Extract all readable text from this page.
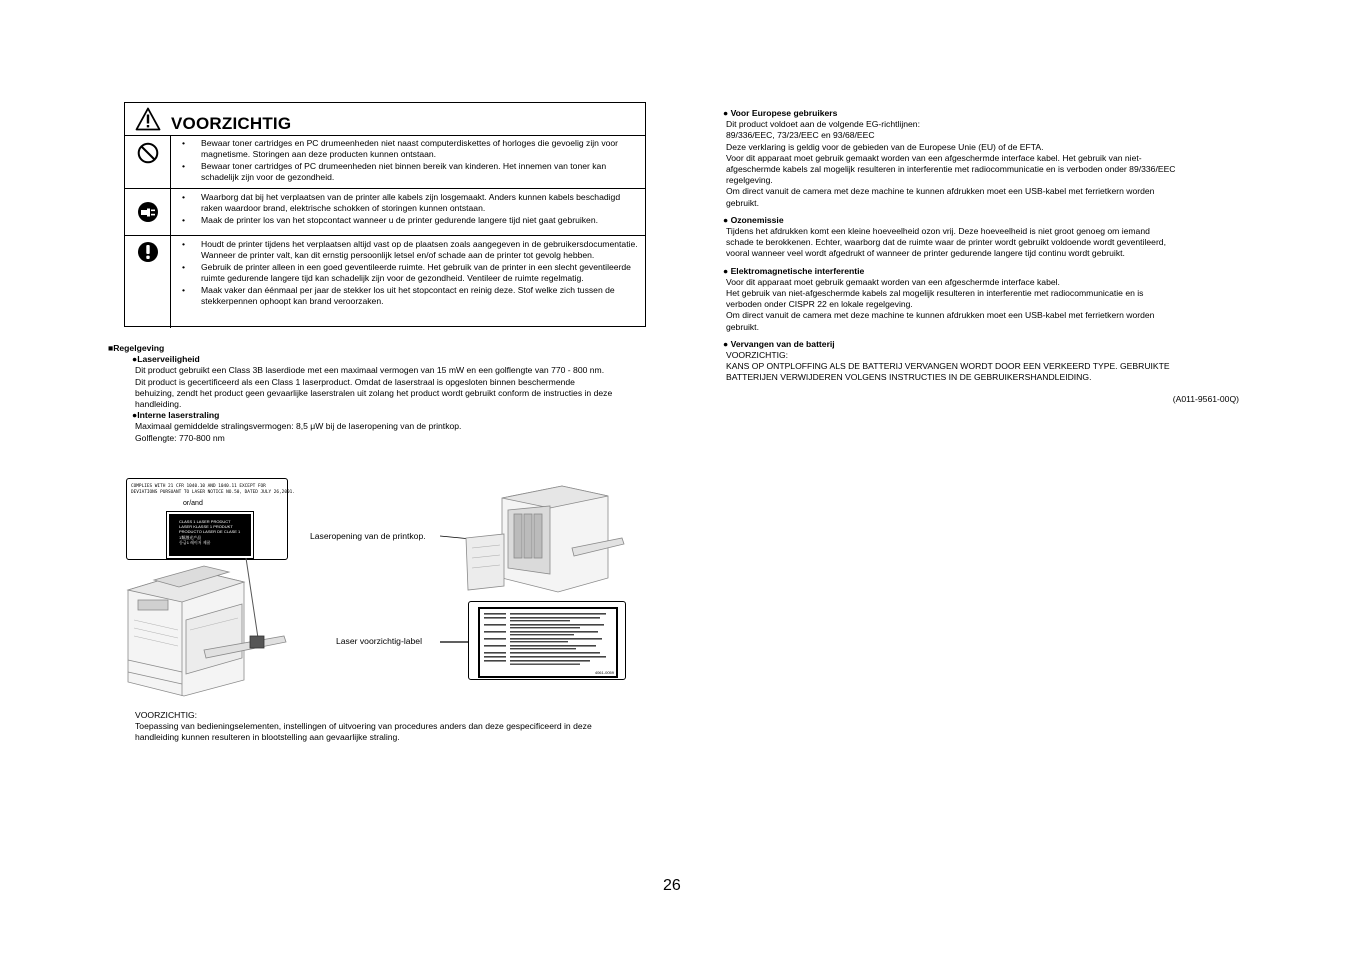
VOORZICHTIG
• Bewaar toner cartridges en PC drumeenheden niet naast computerdiskettes of horloges die gevoelig zijn voor magnetisme. Storingen aan deze producten kunnen ontstaan.
• Bewaar toner cartridges of PC drumeenheden niet binnen bereik van kinderen. Het innemen van toner kan schadelijk zijn voor de gezondheid.
• Waarborg dat bij het verplaatsen van de printer alle kabels zijn losgemaakt. Anders kunnen kabels beschadigd raken waardoor brand, elektrische schokken of storingen kunnen ontstaan.
• Maak de printer los van het stopcontact wanneer u de printer gedurende langere tijd niet gaat gebruiken.
• Houdt de printer tijdens het verplaatsen altijd vast op de plaatsen zoals aangegeven in de gebruikersdocumentatie. Wanneer de printer valt, kan dit ernstig persoonlijk letsel en/of schade aan de printer tot gevolg hebben.
• Gebruik de printer alleen in een goed geventileerde ruimte. Het gebruik van de printer in een slecht geventileerde ruimte gedurende langere tijd kan schadelijk zijn voor de gezondheid. Ventileer de ruimte regelmatig.
• Maak vaker dan éénmaal per jaar de stekker los uit het stopcontact en reinig deze. Stof welke zich tussen de stekkerpennen ophoopt kan brand veroorzaken.
■Regelgeving
●Laserveiligheid
Dit product gebruikt een Class 3B laserdiode met een maximaal vermogen van 15 mW en een golflengte van 770 - 800 nm.
Dit product is gecertificeerd als een Class 1 laserproduct. Omdat de laserstraal is opgesloten binnen beschermende
behuizing, zendt het product geen gevaarlijke laserstralen uit zolang het product wordt gebruikt conform de instructies in deze
handleiding.
●Interne laserstraling
Maximaal gemiddelde stralingsvermogen: 8,5 μW bij de laseropening van de printkop.
Golflengte: 770-800 nm
COMPLIES WITH 21 CFR 1040.10 AND 1040.11 EXCEPT FOR
DEVIATIONS PURSUANT TO LASER NOTICE NO.50, DATED JULY 26,2001.
or/and
CLASS 1 LASER PRODUCT
LASER KLASSE 1 PRODUKT
PRODUCTO LASER DE CLASE 1
1類激光产品
등급1 레이저 제품
Laseropening van de printkop.
Laser voorzichtig-label
4061-0059
VOORZICHTIG:
Toepassing van bedieningselementen, instellingen of uitvoering van procedures anders dan deze gespecificeerd in deze
handleiding kunnen resulteren in blootstelling aan gevaarlijke straling.
● Voor Europese gebruikers
Dit product voldoet aan de volgende EG-richtlijnen:
89/336/EEC, 73/23/EEC en 93/68/EEC
Deze verklaring is geldig voor de gebieden van de Europese Unie (EU) of de EFTA.
Voor dit apparaat moet gebruik gemaakt worden van een afgeschermde interface kabel. Het gebruik van niet-
afgeschermde kabels zal mogelijk resulteren in interferentie met radiocommunicatie en is verboden onder 89/336/EEC
regelgeving.
Om direct vanuit de camera met deze machine te kunnen afdrukken moet een USB-kabel met ferrietkern worden
gebruikt.
● Ozonemissie
Tijdens het afdrukken komt een kleine hoeveelheid ozon vrij. Deze hoeveelheid is niet groot genoeg om iemand
schade te berokkenen. Echter, waarborg dat de ruimte waar de printer wordt gebruikt voldoende wordt geventileerd,
vooral wanneer veel wordt afgedrukt of wanneer de printer gedurende langere tijd continu wordt gebruikt.
● Elektromagnetische interferentie
Voor dit apparaat moet gebruik gemaakt worden van een afgeschermde interface kabel.
Het gebruik van niet-afgeschermde kabels zal mogelijk resulteren in interferentie met radiocommunicatie en is
verboden onder CISPR 22 en lokale regelgeving.
Om direct vanuit de camera met deze machine te kunnen afdrukken moet een USB-kabel met ferrietkern worden
gebruikt.
● Vervangen van de batterij
VOORZICHTIG:
KANS OP ONTPLOFFING ALS DE BATTERIJ VERVANGEN WORDT DOOR EEN VERKEERD TYPE. GEBRUIKTE
BATTERIJEN VERWIJDEREN VOLGENS INSTRUCTIES IN DE GEBRUIKERSHANDLEIDING.
(A011-9561-00Q)
26
